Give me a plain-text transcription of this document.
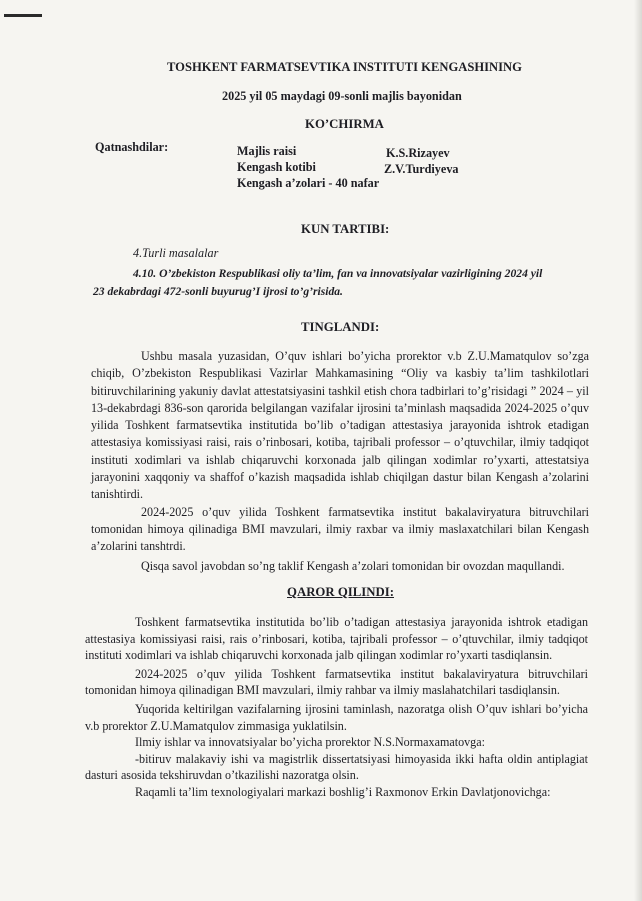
TOSHKENT FARMATSEVTIKA INSTITUTI KENGASHINING
2025 yil 05 maydagi 09-sonli majlis bayonidan
KO’CHIRMA
Qatnashdilar:	Majlis raisi
Kengash kotibi
Kengash a’zolari - 40 nafar
K.S.Rizayev
Z.V.Turdiyeva
KUN TARTIBI:
4.Turli masalalar
4.10. O’zbekiston Respublikasi oliy ta’lim, fan va innovatsiyalar vazirligining 2024 yil
23 dekabrdagi 472-sonli buyurug’I ijrosi to’g’risida.
TINGLANDI:

Ushbu masala yuzasidan, O’quv ishlari bo’yicha prorektor v.b Z.U.Mamatqulov so’zga chiqib, O’zbekiston Respublikasi Vazirlar Mahkamasining “Oliy va kasbiy ta’lim tashkilotlari bitiruvchilarining yakuniy davlat attestatsiyasini tashkil etish chora tadbirlari to’g’risidagi ” 2024 – yil 13-dekabrdagi 836-son qarorida belgilangan vazifalar ijrosini ta’minlash maqsadida 2024-2025 o’quv yilida Toshkent farmatsevtika institutida bo’lib o’tadigan attestasiya jarayonida ishtrok etadigan attestasiya komissiyasi raisi, rais o’rinbosari, kotiba, tajribali professor – o’qtuvchilar, ilmiy tadqiqot instituti xodimlari va ishlab chiqaruvchi korxonada jalb qilingan xodimlar ro’yxarti, attestatsiya jarayonini xaqqoniy va shaffof o’kazish maqsadida ishlab chiqilgan dastur bilan Kengash a’zolarini tanishtirdi.

2024-2025 o’quv yilida Toshkent farmatsevtika institut bakalaviryatura bitruvchilari tomonidan himoya qilinadiga BMI mavzulari, ilmiy raxbar va ilmiy maslaxatchilari bilan Kengash a’zolarini tanshtrdi.

Qisqa savol javobdan so’ng taklif Kengash a’zolari tomonidan bir ovozdan maqullandi.

QAROR QILINDI:

Toshkent farmatsevtika institutida bo’lib o’tadigan attestasiya jarayonida ishtrok etadigan attestasiya komissiyasi raisi, rais o’rinbosari, kotiba, tajribali professor – o’qtuvchilar, ilmiy tadqiqot instituti xodimlari va ishlab chiqaruvchi korxonada jalb qilingan xodimlar ro’yxarti tasdiqlansin.

2024-2025 o’quv yilida Toshkent farmatsevtika institut bakalaviryatura bitruvchilari tomonidan himoya qilinadigan BMI mavzulari, ilmiy rahbar va ilmiy maslahatchilari tasdiqlansin.

Yuqorida keltirilgan vazifalarning ijrosini taminlash, nazoratga olish O’quv ishlari bo’yicha v.b prorektor Z.U.Mamatqulov zimmasiga yuklatilsin.

Ilmiy ishlar va innovatsiyalar bo’yicha prorektor N.S.Normaxamatovga:

-bitiruv malakaviy ishi va magistrlik dissertatsiyasi himoyasida ikki hafta oldin antiplagiat dasturi asosida tekshiruvdan o’tkazilishi nazoratga olsin.

Raqamli ta’lim texnologiyalari markazi boshlig’i Raxmonov Erkin Davlatjonovichga:
